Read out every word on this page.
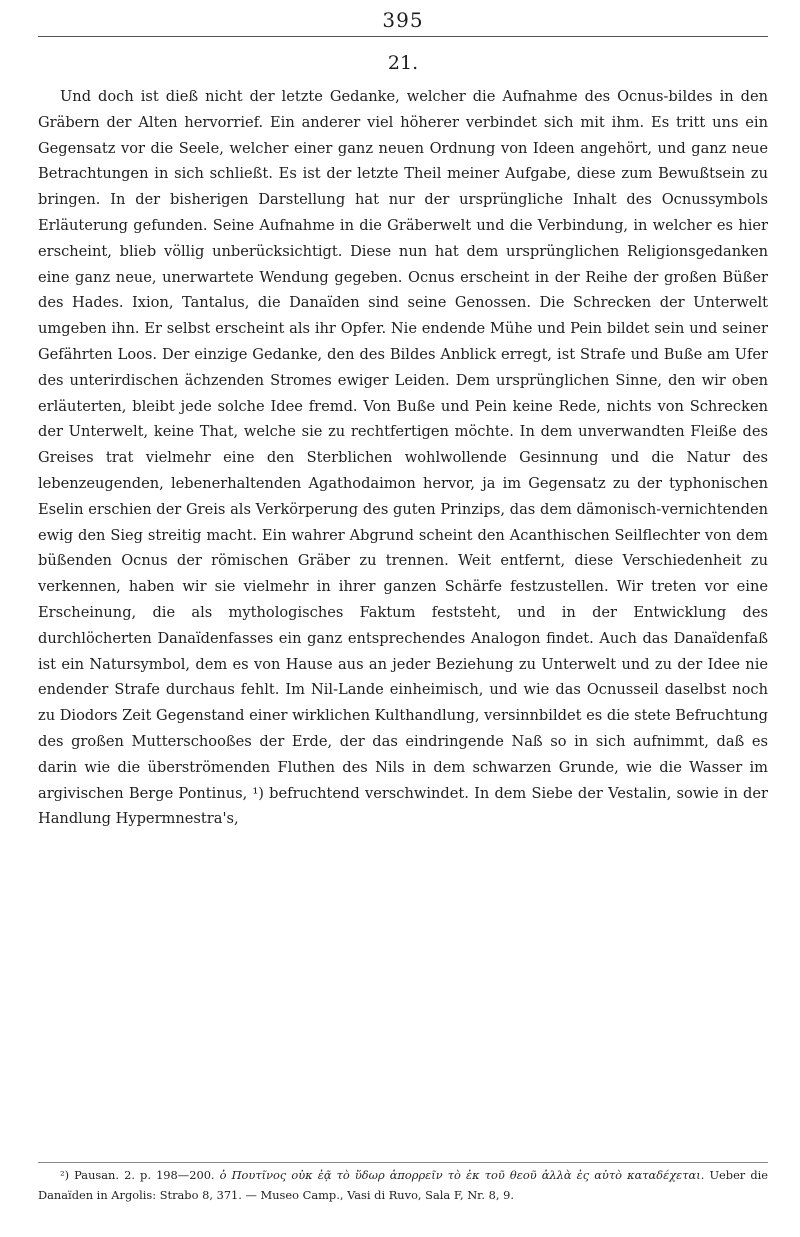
395
21.

Und doch ist dieß nicht der letzte Gedanke, welcher die Aufnahme des Ocnus-bildes in den Gräbern der Alten hervorrief. Ein anderer viel höherer verbindet sich mit ihm. Es tritt uns ein Gegensatz vor die Seele, welcher einer ganz neuen Ordnung von Ideen angehört, und ganz neue Betrachtungen in sich schließt. Es ist der letzte Theil meiner Aufgabe, diese zum Bewußtsein zu bringen. In der bisherigen Darstellung hat nur der ursprüngliche Inhalt des Ocnussymbols Erläuterung gefunden. Seine Aufnahme in die Gräberwelt und die Verbindung, in welcher es hier erscheint, blieb völlig unberücksichtigt. Diese nun hat dem ursprünglichen Religionsgedanken eine ganz neue, unerwartete Wendung gegeben. Ocnus erscheint in der Reihe der großen Büßer des Hades. Ixion, Tantalus, die Danaïden sind seine Genossen. Die Schrecken der Unterwelt umgeben ihn. Er selbst erscheint als ihr Opfer. Nie endende Mühe und Pein bildet sein und seiner Gefährten Loos. Der einzige Gedanke, den des Bildes Anblick erregt, ist Strafe und Buße am Ufer des unterirdischen ächzenden Stromes ewiger Leiden. Dem ursprünglichen Sinne, den wir oben erläuterten, bleibt jede solche Idee fremd. Von Buße und Pein keine Rede, nichts von Schrecken der Unterwelt, keine That, welche sie zu rechtfertigen möchte. In dem unverwandten Fleiße des Greises trat vielmehr eine den Sterblichen wohlwollende Gesinnung und die Natur des lebenzeugenden, lebenerhaltenden Agathodaimon hervor, ja im Gegensatz zu der typhonischen Eselin erschien der Greis als Verkörperung des guten Prinzips, das dem dämonisch-vernichtenden ewig den Sieg streitig macht. Ein wahrer Abgrund scheint den Acanthischen Seilflechter von dem büßenden Ocnus der römischen Gräber zu trennen. Weit entfernt, diese Verschiedenheit zu verkennen, haben wir sie vielmehr in ihrer ganzen Schärfe festzustellen. Wir treten vor eine Erscheinung, die als mythologisches Faktum feststeht, und in der Entwicklung des durchlöcherten Danaïdenfasses ein ganz entsprechendes Analogon findet. Auch das Danaïdenfaß ist ein Natursymbol, dem es von Hause aus an jeder Beziehung zu Unterwelt und zu der Idee nie endender Strafe durchaus fehlt. Im Nil-Lande einheimisch, und wie das Ocnusseil daselbst noch zu Diodors Zeit Gegenstand einer wirklichen Kulthandlung, versinnbildet es die stete Befruchtung des großen Mutterschooßes der Erde, der das eindringende Naß so in sich aufnimmt, daß es darin wie die überströmenden Fluthen des Nils in dem schwarzen Grunde, wie die Wasser im argivischen Berge Pontinus, ¹) befruchtend verschwindet. In dem Siebe der Vestalin, sowie in der Handlung Hypermnestra's,

²) Pausan. 2. p. 198—200. ὁ Πουτῖνος οὐκ ἐᾷ τὸ ὕδωρ ἀπορρεῖν τὸ ἐκ τοῦ θεοῦ ἀλλὰ ἐς αὐτὸ καταδέχεται. Ueber die Danaïden in Argolis: Strabo 8, 371. — Museo Camp., Vasi di Ruvo, Sala F, Nr. 8, 9.
